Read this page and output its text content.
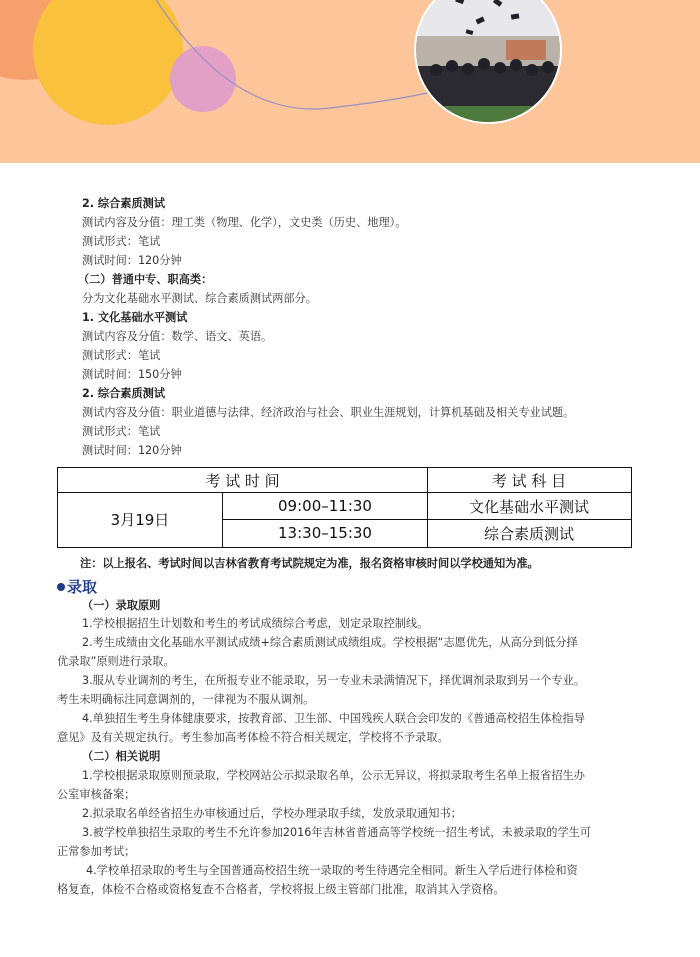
2. 综合素质测试
测试内容及分值：理工类（物理、化学），文史类（历史、地理）。
测试形式：笔试
测试时间：120分钟
（二）普通中专、职高类：
分为文化基础水平测试、综合素质测试两部分。
1. 文化基础水平测试
测试内容及分值：数学、语文、英语。
测试形式：笔试
测试时间：150分钟
2. 综合素质测试
测试内容及分值：职业道德与法律、经济政治与社会、职业生涯规划，计算机基础及相关专业试题。
测试形式：笔试
测试时间：120分钟
考 试 时 间	考 试 科 目
3月19日
09:00–11:30	文化基础水平测试
13:30–15:30	综合素质测试
注：以上报名、考试时间以吉林省教育考试院规定为准，报名资格审核时间以学校通知为准。
录取
（一）录取原则
1.学校根据招生计划数和考生的考试成绩综合考虑，划定录取控制线。
2.考生成绩由文化基础水平测试成绩+综合素质测试成绩组成。学校根据“志愿优先，从高分到低分择
优录取”原则进行录取。
3.服从专业调剂的考生，在所报专业不能录取，另一专业未录满情况下，择优调剂录取到另一个专业。
考生未明确标注同意调剂的，一律视为不服从调剂。
4.单独招生考生身体健康要求，按教育部、卫生部、中国残疾人联合会印发的《普通高校招生体检指导
意见》及有关规定执行。考生参加高考体检不符合相关规定，学校将不予录取。
（二）相关说明
1.学校根据录取原则预录取，学校网站公示拟录取名单，公示无异议，将拟录取考生名单上报省招生办
公室审核备案；
2.拟录取名单经省招生办审核通过后，学校办理录取手续，发放录取通知书；
3.被学校单独招生录取的考生不允许参加2016年吉林省普通高等学校统一招生考试，未被录取的学生可
正常参加考试；
4.学校单招录取的考生与全国普通高校招生统一录取的考生待遇完全相同。新生入学后进行体检和资
格复查，体检不合格或资格复查不合格者，学校将报上级主管部门批准，取消其入学资格。
